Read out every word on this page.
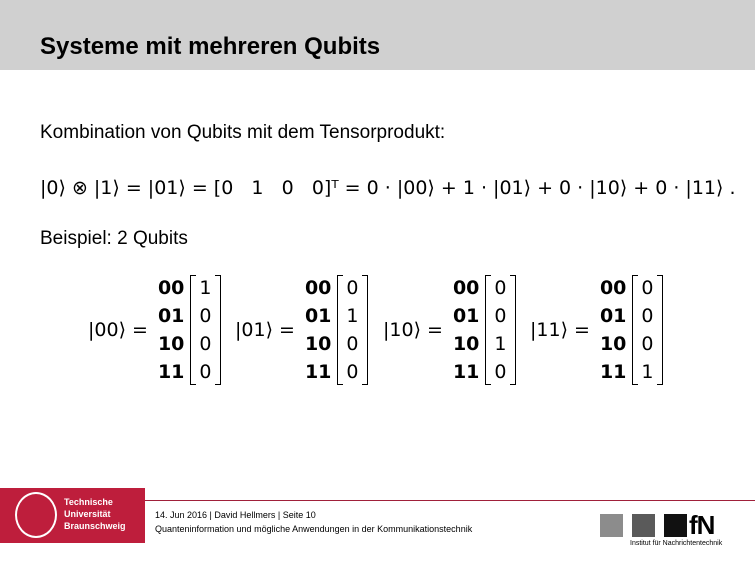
Systeme mit mehreren Qubits
Kombination von Qubits mit dem Tensorprodukt:
|0⟩ ⊗ |1⟩ = |01⟩ = [0   1   0   0]ᵀ = 0 · |00⟩ + 1 · |01⟩ + 0 · |10⟩ + 0 · |11⟩ .
Beispiel: 2 Qubits
|00⟩ =
00
01
10
11
1
0
0
0
|01⟩ =
00
01
10
11
0
1
0
0
|10⟩ =
00
01
10
11
0
0
1
0
|11⟩ =
00
01
10
11
0
0
0
1
Technische
Universität
Braunschweig
14. Jun 2016 | David Hellmers | Seite 10
Quanteninformation und mögliche Anwendungen in der Kommunikationstechnik	fN
Institut für Nachrichtentechnik
